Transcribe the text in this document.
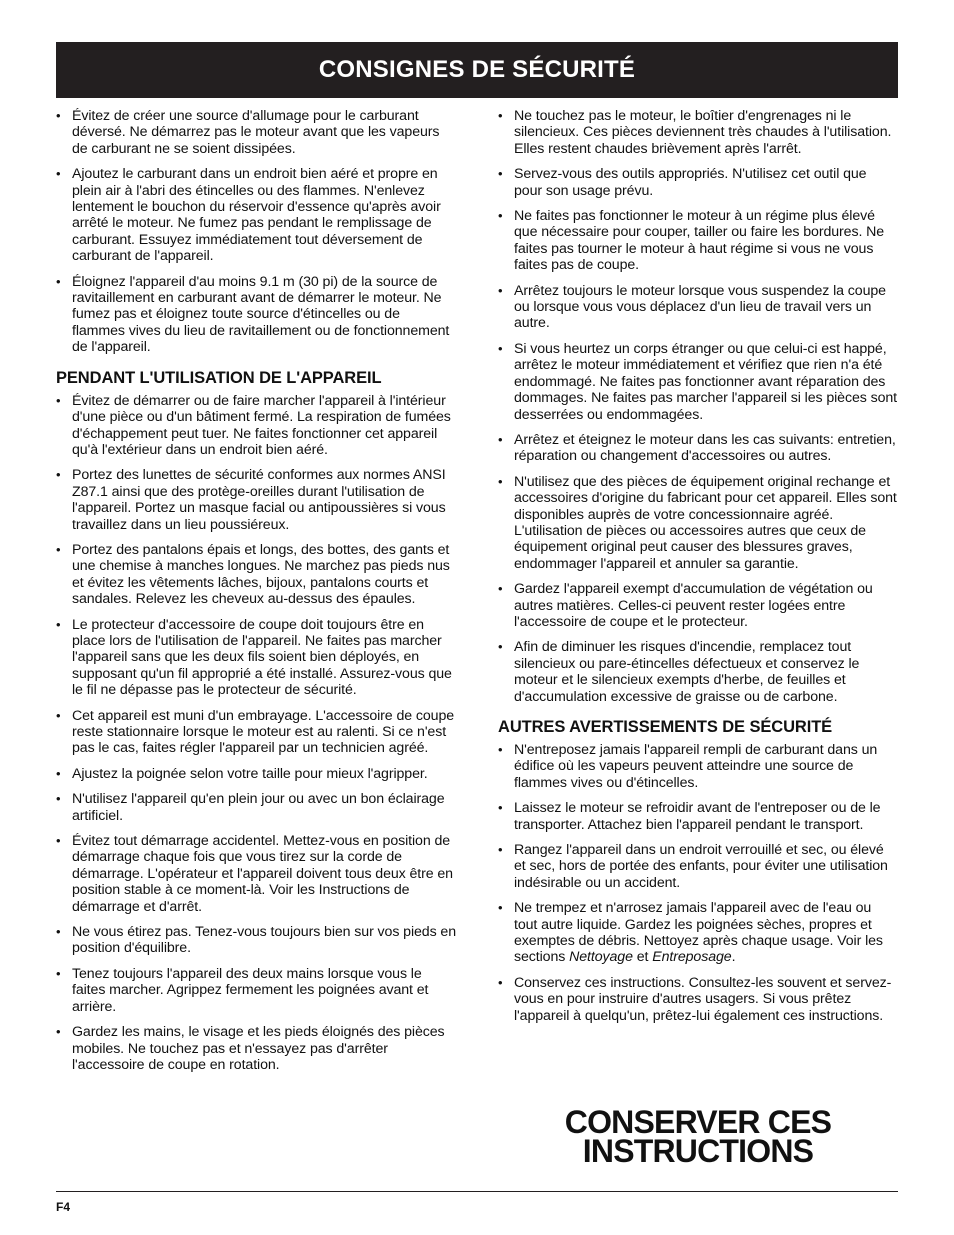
CONSIGNES DE SÉCURITÉ
• Évitez de créer une source d'allumage pour le carburant déversé. Ne démarrez pas le moteur avant que les vapeurs de carburant ne se soient dissipées.
• Ajoutez le carburant dans un endroit bien aéré et propre en plein air à l'abri des étincelles ou des flammes. N'enlevez lentement le bouchon du réservoir d'essence qu'après avoir arrêté le moteur. Ne fumez pas pendant le remplissage de carburant. Essuyez immédiatement tout déversement de carburant de l'appareil.
• Éloignez l'appareil d'au moins 9.1 m (30 pi) de la source de ravitaillement en carburant avant de démarrer le moteur. Ne fumez pas et éloignez toute source d'étincelles ou de flammes vives du lieu de ravitaillement ou de fonctionnement de l'appareil.
PENDANT L'UTILISATION DE L'APPAREIL
• Évitez de démarrer ou de faire marcher l'appareil à l'intérieur d'une pièce ou d'un bâtiment fermé. La respiration de fumées d'échappement peut tuer. Ne faites fonctionner cet appareil qu'à l'extérieur dans un endroit bien aéré.
• Portez des lunettes de sécurité conformes aux normes ANSI Z87.1 ainsi que des protège-oreilles durant l'utilisation de l'appareil. Portez un masque facial ou antipoussières si vous travaillez dans un lieu poussiéreux.
• Portez des pantalons épais et longs, des bottes, des gants et une chemise à manches longues. Ne marchez pas pieds nus et évitez les vêtements lâches, bijoux, pantalons courts et sandales. Relevez les cheveux au-dessus des épaules.
• Le protecteur d'accessoire de coupe doit toujours être en place lors de l'utilisation de l'appareil. Ne faites pas marcher l'appareil sans que les deux fils soient bien déployés, en supposant qu'un fil approprié a été installé. Assurez-vous que le fil ne dépasse pas le protecteur de sécurité.
• Cet appareil est muni d'un embrayage. L'accessoire de coupe reste stationnaire lorsque le moteur est au ralenti. Si ce n'est pas le cas, faites régler l'appareil par un technicien agréé.
• Ajustez la poignée selon votre taille pour mieux l'agripper.
• N'utilisez l'appareil qu'en plein jour ou avec un bon éclairage artificiel.
• Évitez tout démarrage accidentel. Mettez-vous en position de démarrage chaque fois que vous tirez sur la corde de démarrage. L'opérateur et l'appareil doivent tous deux être en position stable à ce moment-là. Voir les Instructions de démarrage et d'arrêt.
• Ne vous étirez pas. Tenez-vous toujours bien sur vos pieds en position d'équilibre.
• Tenez toujours l'appareil des deux mains lorsque vous le faites marcher. Agrippez fermement les poignées avant et arrière.
• Gardez les mains, le visage et les pieds éloignés des pièces mobiles. Ne touchez pas et n'essayez pas d'arrêter l'accessoire de coupe en rotation.
• Ne touchez pas le moteur, le boîtier d'engrenages ni le silencieux. Ces pièces deviennent très chaudes à l'utilisation. Elles restent chaudes brièvement après l'arrêt.
• Servez-vous des outils appropriés. N'utilisez cet outil que pour son usage prévu.
• Ne faites pas fonctionner le moteur à un régime plus élevé que nécessaire pour couper, tailler ou faire les bordures. Ne faites pas tourner le moteur à haut régime si vous ne vous faites pas de coupe.
• Arrêtez toujours le moteur lorsque vous suspendez la coupe ou lorsque vous vous déplacez d'un lieu de travail vers un autre.
• Si vous heurtez un corps étranger ou que celui-ci est happé, arrêtez le moteur immédiatement et vérifiez que rien n'a été endommagé. Ne faites pas fonctionner avant réparation des dommages. Ne faites pas marcher l'appareil si les pièces sont desserrées ou endommagées.
• Arrêtez et éteignez le moteur dans les cas suivants: entretien, réparation ou changement d'accessoires ou autres.
• N'utilisez que des pièces de équipement original rechange et accessoires d'origine du fabricant pour cet appareil. Elles sont disponibles auprès de votre concessionnaire agréé. L'utilisation de pièces ou accessoires autres que ceux de équipement original peut causer des blessures graves, endommager l'appareil et annuler sa garantie.
• Gardez l'appareil exempt d'accumulation de végétation ou autres matières. Celles-ci peuvent rester logées entre l'accessoire de coupe et le protecteur.
• Afin de diminuer les risques d'incendie, remplacez tout silencieux ou pare-étincelles défectueux et conservez le moteur et le silencieux exempts d'herbe, de feuilles et d'accumulation excessive de graisse ou de carbone.
AUTRES AVERTISSEMENTS DE SÉCURITÉ
• N'entreposez jamais l'appareil rempli de carburant dans un édifice où les vapeurs peuvent atteindre une source de flammes vives ou d'étincelles.
• Laissez le moteur se refroidir avant de l'entreposer ou de le transporter. Attachez bien l'appareil pendant le transport.
• Rangez l'appareil dans un endroit verrouillé et sec, ou élevé et sec, hors de portée des enfants, pour éviter une utilisation indésirable ou un accident.
• Ne trempez et n'arrosez jamais l'appareil avec de l'eau ou tout autre liquide. Gardez les poignées sèches, propres et exemptes de débris. Nettoyez après chaque usage. Voir les sections Nettoyage et Entreposage.
• Conservez ces instructions. Consultez-les souvent et servez-vous en pour instruire d'autres usagers. Si vous prêtez l'appareil à quelqu'un, prêtez-lui également ces instructions.
CONSERVER CES
INSTRUCTIONS
F4
